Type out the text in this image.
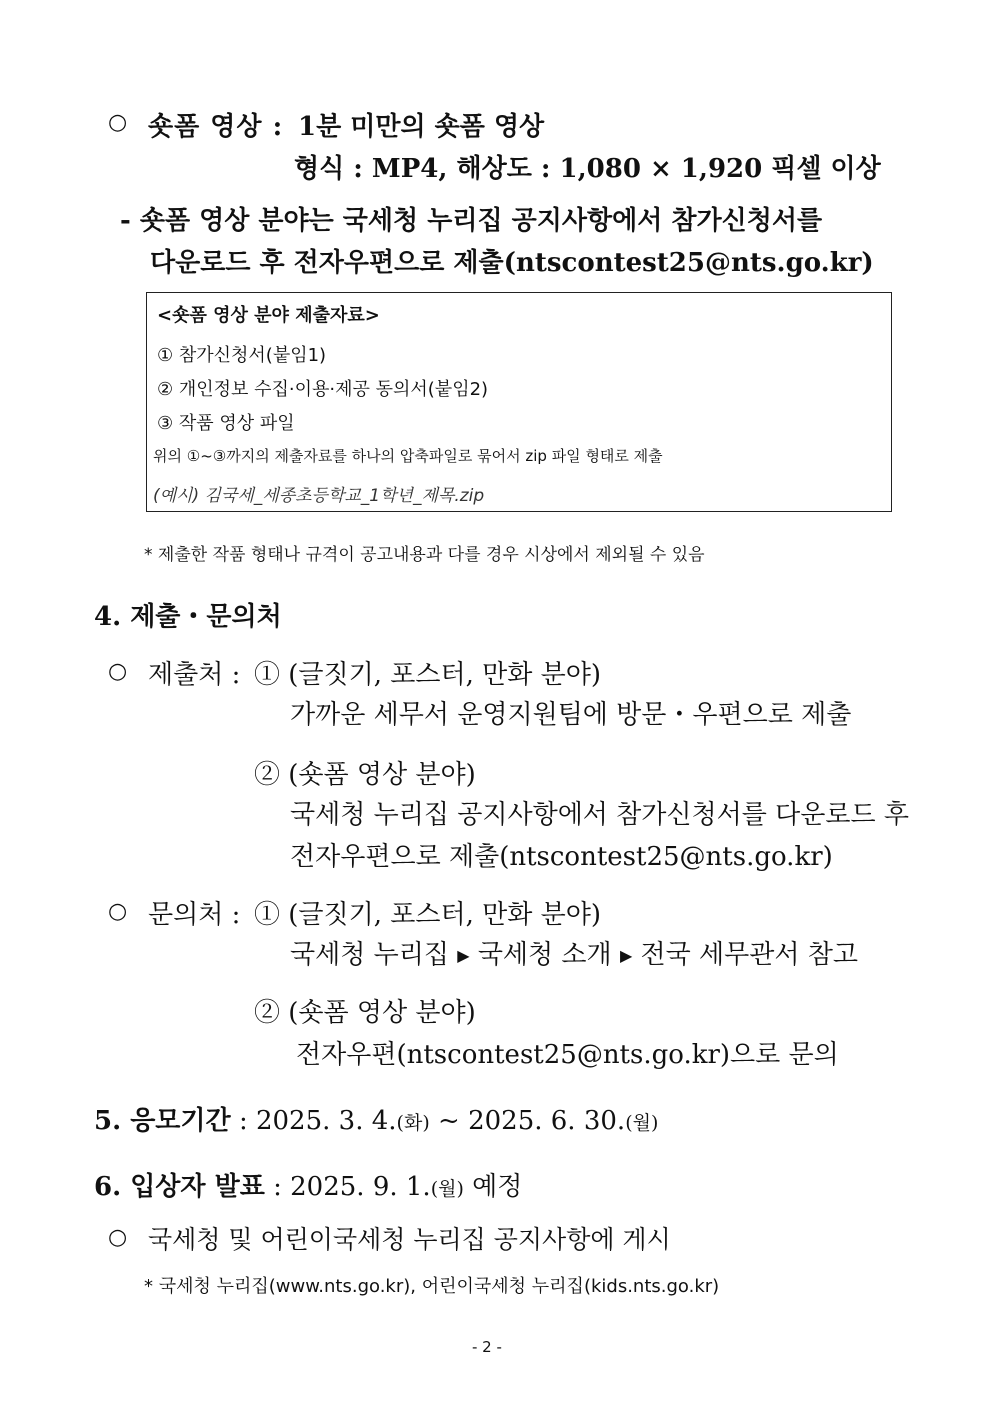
○ 숏폼 영상 : 1분 미만의 숏폼 영상
형식 : MP4, 해상도 : 1,080 × 1,920 픽셀 이상
- 숏폼 영상 분야는 국세청 누리집 공지사항에서 참가신청서를
다운로드 후 전자우편으로 제출(ntscontest25@nts.go.kr)
<숏폼 영상 분야 제출자료>
① 참가신청서(붙임1)
② 개인정보 수집·이용·제공 동의서(붙임2)
③ 작품 영상 파일
위의 ①~③까지의 제출자료를 하나의 압축파일로 묶어서 zip 파일 형태로 제출
(예시) 김국세_세종초등학교_1학년_제목.zip
* 제출한 작품 형태나 규격이 공고내용과 다를 경우 시상에서 제외될 수 있음
4. 제출・문의처
○ 제출처 : ① (글짓기, 포스터, 만화 분야)
가까운 세무서 운영지원팀에 방문・우편으로 제출
② (숏폼 영상 분야)
국세청 누리집 공지사항에서 참가신청서를 다운로드 후
전자우편으로 제출(ntscontest25@nts.go.kr)
○ 문의처 : ① (글짓기, 포스터, 만화 분야)
국세청 누리집 ▶ 국세청 소개 ▶ 전국 세무관서 참고
② (숏폼 영상 분야)
전자우편(ntscontest25@nts.go.kr)으로 문의
5. 응모기간 : 2025. 3. 4.(화) ~ 2025. 6. 30.(월)
6. 입상자 발표 : 2025. 9. 1.(월) 예정
○ 국세청 및 어린이국세청 누리집 공지사항에 게시
* 국세청 누리집(www.nts.go.kr), 어린이국세청 누리집(kids.nts.go.kr)
- 2 -
